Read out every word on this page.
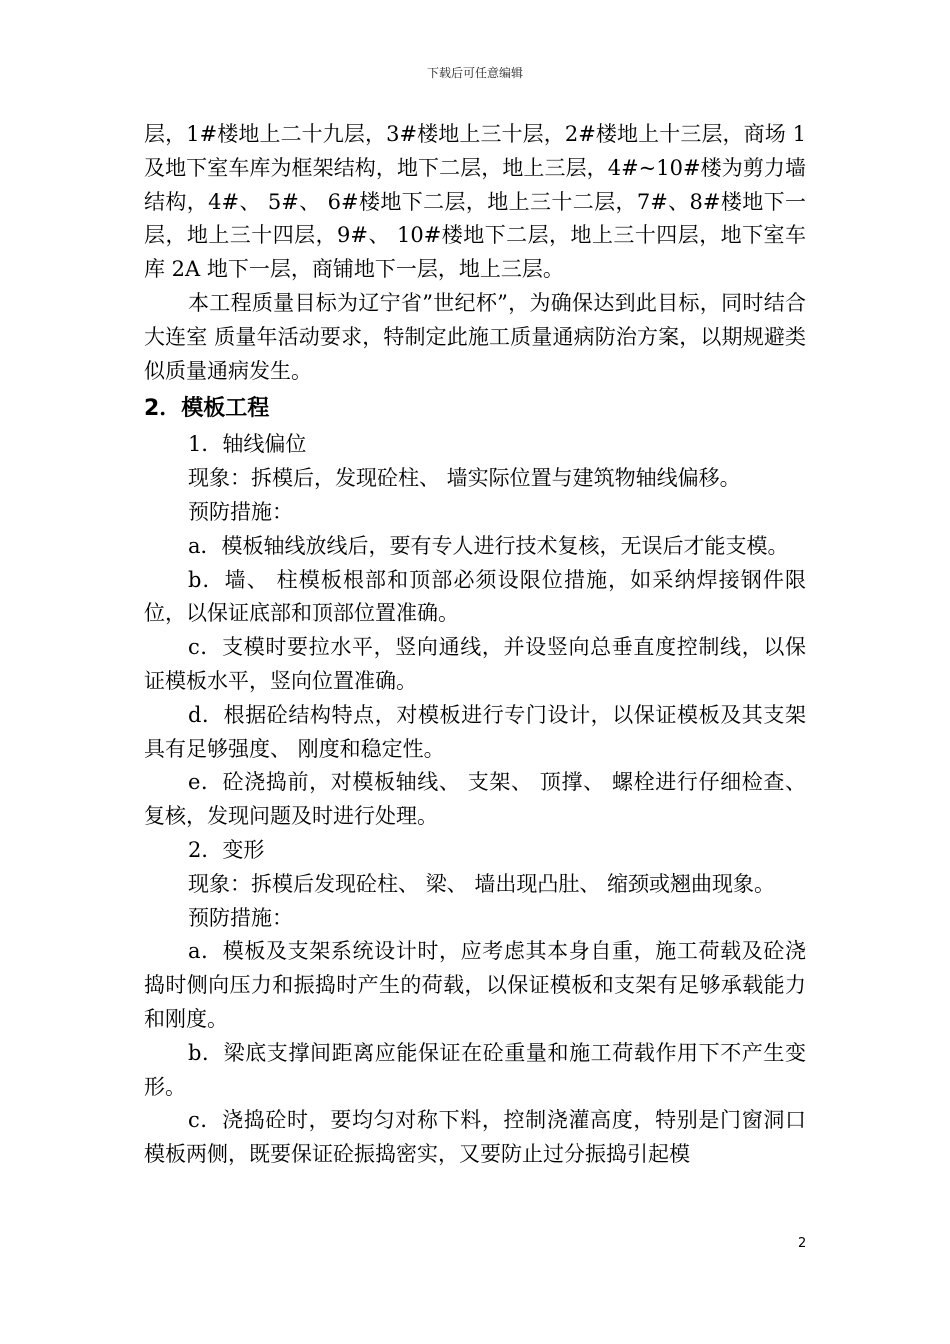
下载后可任意编辑

层，1#楼地上二十九层，3#楼地上三十层，2#楼地上十三层，商场 1 及地下室车库为框架结构，地下二层，地上三层，4#~10#楼为剪力墙结构，4#、 5#、 6#楼地下二层，地上三十二层，7#、8#楼地下一层，地上三十四层，9#、 10#楼地下二层，地上三十四层，地下室车库 2A 地下一层，商铺地下一层，地上三层。

本工程质量目标为辽宁省”世纪杯”，为确保达到此目标，同时结合大连室 质量年活动要求，特制定此施工质量通病防治方案，以期规避类似质量通病发生。

2．模板工程

1．轴线偏位

现象：拆模后，发现砼柱、 墙实际位置与建筑物轴线偏移。

预防措施：

a．模板轴线放线后，要有专人进行技术复核，无误后才能支模。

b．墙、 柱模板根部和顶部必须设限位措施，如采纳焊接钢件限位，以保证底部和顶部位置准确。

c．支模时要拉水平，竖向通线，并设竖向总垂直度控制线，以保证模板水平，竖向位置准确。

d．根据砼结构特点，对模板进行专门设计，以保证模板及其支架具有足够强度、 刚度和稳定性。

e．砼浇捣前，对模板轴线、 支架、 顶撑、 螺栓进行仔细检查、 复核，发现问题及时进行处理。

2．变形

现象：拆模后发现砼柱、 梁、 墙出现凸肚、 缩颈或翘曲现象。

预防措施：

a．模板及支架系统设计时，应考虑其本身自重，施工荷载及砼浇捣时侧向压力和振捣时产生的荷载，以保证模板和支架有足够承载能力和刚度。

b．梁底支撑间距离应能保证在砼重量和施工荷载作用下不产生变形。

c．浇捣砼时，要均匀对称下料，控制浇灌高度，特别是门窗洞口模板两侧，既要保证砼振捣密实，又要防止过分振捣引起模

2
